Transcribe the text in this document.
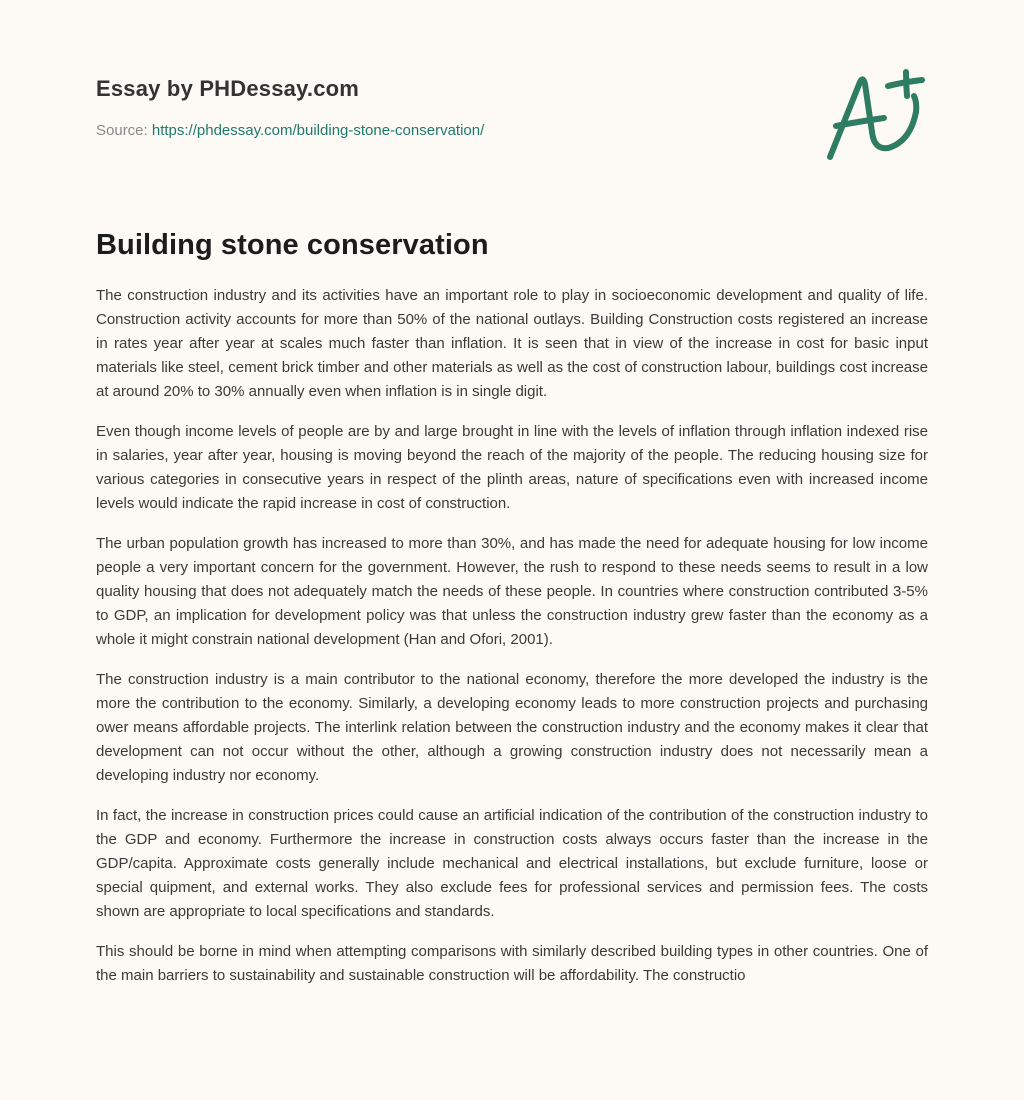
Essay by PHDessay.com
Source: https://phdessay.com/building-stone-conservation/
Building stone conservation

The construction industry and its activities have an important role to play in socioeconomic development and quality of life. Construction activity accounts for more than 50% of the national outlays. Building Construction costs registered an increase in rates year after year at scales much faster than inflation. It is seen that in view of the increase in cost for basic input materials like steel, cement brick timber and other materials as well as the cost of construction labour, buildings cost increase at around 20% to 30% annually even when inflation is in single digit.

Even though income levels of people are by and large brought in line with the levels of inflation through inflation indexed rise in salaries, year after year, housing is moving beyond the reach of the majority of the people. The reducing housing size for various categories in consecutive years in respect of the plinth areas, nature of specifications even with increased income levels would indicate the rapid increase in cost of construction.

The urban population growth has increased to more than 30%, and has made the need for adequate housing for low income people a very important concern for the government. However, the rush to respond to these needs seems to result in a low quality housing that does not adequately match the needs of these people. In countries where construction contributed 3-5% to GDP, an implication for development policy was that unless the construction industry grew faster than the economy as a whole it might constrain national development (Han and Ofori, 2001).

The construction industry is a main contributor to the national economy, therefore the more developed the industry is the more the contribution to the economy. Similarly, a developing economy leads to more construction projects and purchasing ower means affordable projects. The interlink relation between the construction industry and the economy makes it clear that development can not occur without the other, although a growing construction industry does not necessarily mean a developing industry nor economy.

In fact, the increase in construction prices could cause an artificial indication of the contribution of the construction industry to the GDP and economy. Furthermore the increase in construction costs always occurs faster than the increase in the GDP/capita. Approximate costs generally include mechanical and electrical installations, but exclude furniture, loose or special quipment, and external works. They also exclude fees for professional services and permission fees. The costs shown are appropriate to local specifications and standards.

This should be borne in mind when attempting comparisons with similarly described building types in other countries. One of the main barriers to sustainability and sustainable construction will be affordability. The constructio
